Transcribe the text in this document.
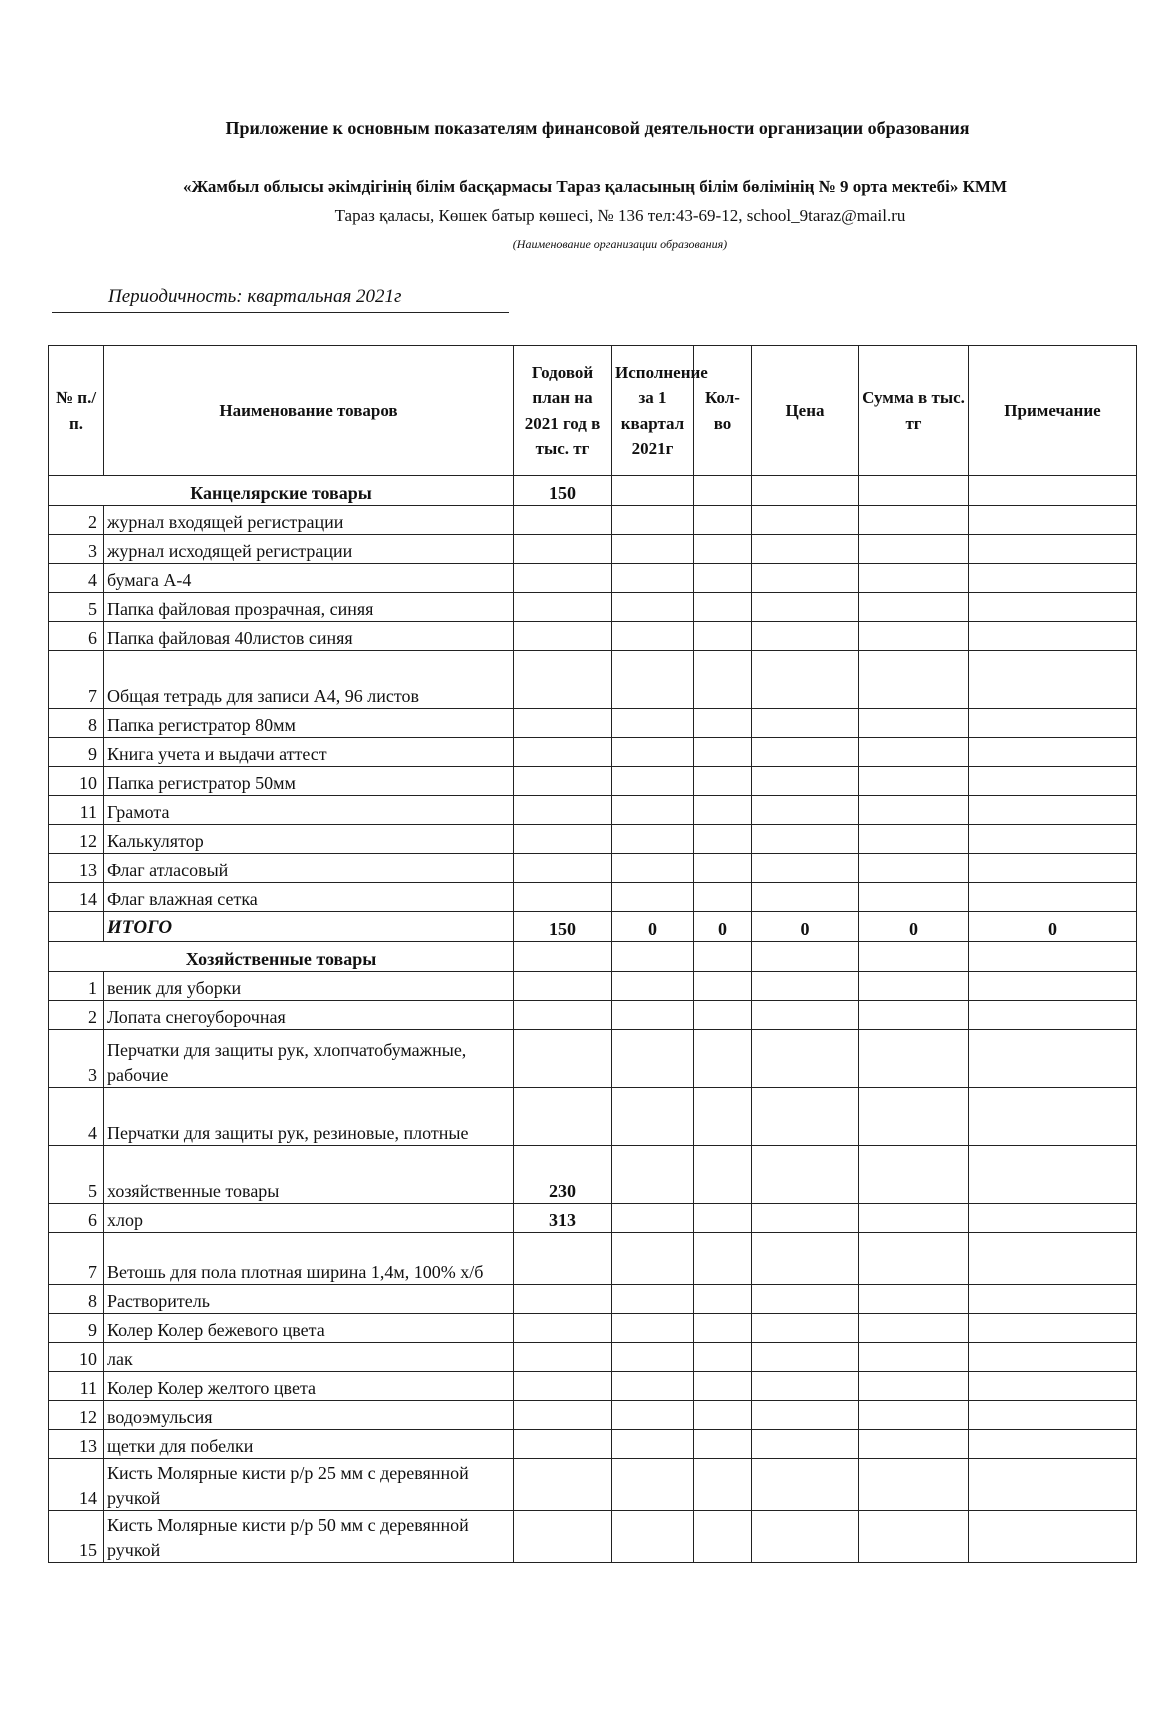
Приложение к основным показателям финансовой деятельности организации образования
«Жамбыл облысы әкімдігінің білім басқармасы Тараз қаласының білім бөлімінің № 9 орта мектебі» КММ
Тараз қаласы, Көшек батыр көшесі, № 136 тел:43-69-12, school_9taraz@mail.ru
(Наименование организации образования)
Периодичность: квартальная 2021г
№ п./п.	Наименование товаров	Годовой план на 2021 год в тыс. тг	Исполнение за 1 квартал 2021г	Кол-во	Цена	Сумма в тыс. тг	Примечание
Канцелярские товары		150					
2	журнал входящей регистрации						
3	журнал исходящей регистрации						
4	бумага А-4						
5	Папка файловая прозрачная, синяя						
6	Папка файловая 40листов синяя						
7	Общая тетрадь для записи А4, 96 листов						
8	Папка регистратор 80мм						
9	Книга учета и выдачи аттест						
10	Папка регистратор 50мм						
11	Грамота						
12	Калькулятор						
13	Флаг атласовый						
14	Флаг влажная сетка						
	ИТОГО	150	0	0	0	0	0
Хозяйственные товары							
1	веник для уборки						
2	Лопата снегоуборочная						
3	Перчатки для защиты рук, хлопчатобумажные, рабочие						
4	Перчатки для защиты рук, резиновые, плотные						
5	хозяйственные товары	230					
6	хлор	313					
7	Ветошь для пола плотная ширина 1,4м, 100% х/б						
8	Растворитель						
9	Колер Колер бежевого цвета						
10	лак						
11	Колер Колер желтого цвета						
12	водоэмульсия						
13	щетки для побелки						
14	Кисть Молярные кисти р/р 25 мм с деревянной ручкой						
15	Кисть Молярные кисти р/р 50 мм с деревянной ручкой						
